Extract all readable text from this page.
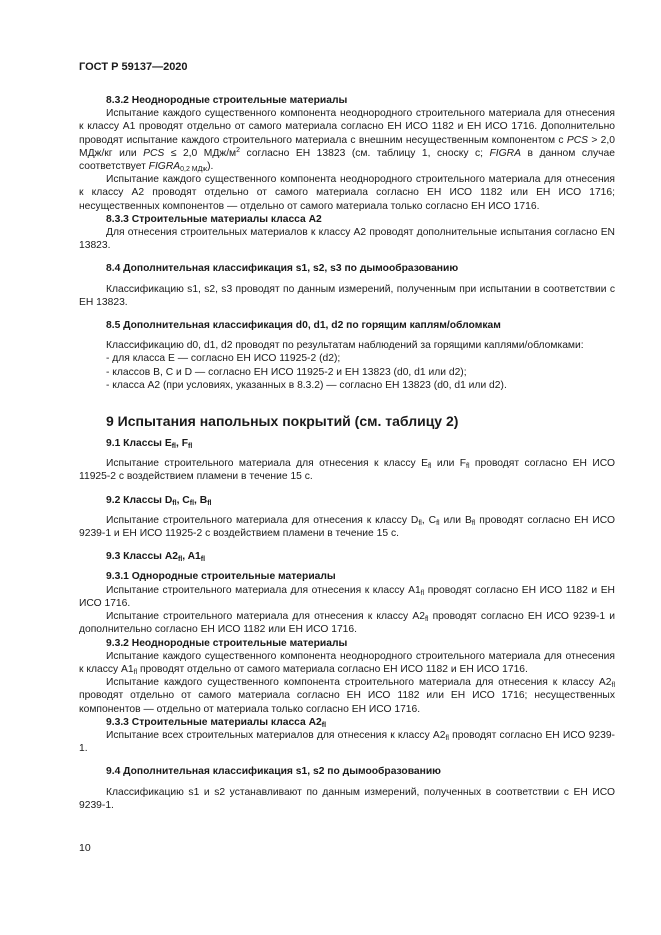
ГОСТ Р 59137—2020
8.3.2 Неоднородные строительные материалы
Испытание каждого существенного компонента неоднородного строительного материала для отнесения к классу А1 проводят отдельно от самого материала согласно ЕН ИСО 1182 и ЕН ИСО 1716. Дополнительно проводят испытание каждого строительного материала с внешним несущественным компонентом с PCS > 2,0 МДж/кг или PCS ≤ 2,0 МДж/$м^2$ согласно ЕН 13823 (см. таблицу 1, сноску с; FIGRA в данном случае соответствует $FIGRA_{0,2 МДж}$).
Испытание каждого существенного компонента неоднородного строительного материала для отнесения к классу А2 проводят отдельно от самого материала согласно ЕН ИСО 1182 или ЕН ИСО 1716; несущественных компонентов — отдельно от самого материала только согласно ЕН ИСО 1716.
8.3.3 Строительные материалы класса А2
Для отнесения строительных материалов к классу А2 проводят дополнительные испытания согласно EN 13823.
8.4 Дополнительная классификация s1, s2, s3 по дымообразованию
Классификацию s1, s2, s3 проводят по данным измерений, полученным при испытании в соответствии с ЕН 13823.
8.5 Дополнительная классификация d0, d1, d2 по горящим каплям/обломкам
Классификацию d0, d1, d2 проводят по результатам наблюдений за горящими каплями/обломками:
- для класса Е — согласно ЕН ИСО 11925-2 (d2);
- классов В, С и D — согласно ЕН ИСО 11925-2 и ЕН 13823 (d0, d1 или d2);
- класса А2 (при условиях, указанных в 8.3.2) — согласно ЕН 13823 (d0, d1 или d2).
9 Испытания напольных покрытий (см. таблицу 2)
9.1 Классы $Е_{fl}$, $F_{fl}$
Испытание строительного материала для отнесения к классу $Е_{fl}$ или $F_{fl}$ проводят согласно ЕН ИСО 11925-2 с воздействием пламени в течение 15 с.
9.2 Классы $D_{fl}$, $C_{fl}$, $B_{fl}$
Испытание строительного материала для отнесения к классу $D_{fl}$, $C_{fl}$ или $B_{fl}$ проводят согласно ЕН ИСО 9239-1 и ЕН ИСО 11925-2 с воздействием пламени в течение 15 с.
9.3 Классы $A2_{fl}$, $A1_{fl}$
9.3.1 Однородные строительные материалы
Испытание строительного материала для отнесения к классу $А1_{fl}$ проводят согласно ЕН ИСО 1182 и ЕН ИСО 1716.
Испытание строительного материала для отнесения к классу $A2_{fl}$ проводят согласно ЕН ИСО 9239-1 и дополнительно согласно ЕН ИСО 1182 или ЕН ИСО 1716.
9.3.2 Неоднородные строительные материалы
Испытание каждого существенного компонента неоднородного строительного материала для отнесения к классу $А1_{fl}$ проводят отдельно от самого материала согласно ЕН ИСО 1182 и ЕН ИСО 1716.
Испытание каждого существенного компонента строительного материала для отнесения к классу $A2_{fl}$ проводят отдельно от самого материала согласно ЕН ИСО 1182 или ЕН ИСО 1716; несущественных компонентов — отдельно от материала только согласно ЕН ИСО 1716.
9.3.3 Строительные материалы класса $А2_{fl}$
Испытание всех строительных материалов для отнесения к классу $A2_{fl}$ проводят согласно ЕН ИСО 9239-1.
9.4 Дополнительная классификация s1, s2 по дымообразованию
Классификацию s1 и s2 устанавливают по данным измерений, полученных в соответствии с ЕН ИСО 9239-1.
10
